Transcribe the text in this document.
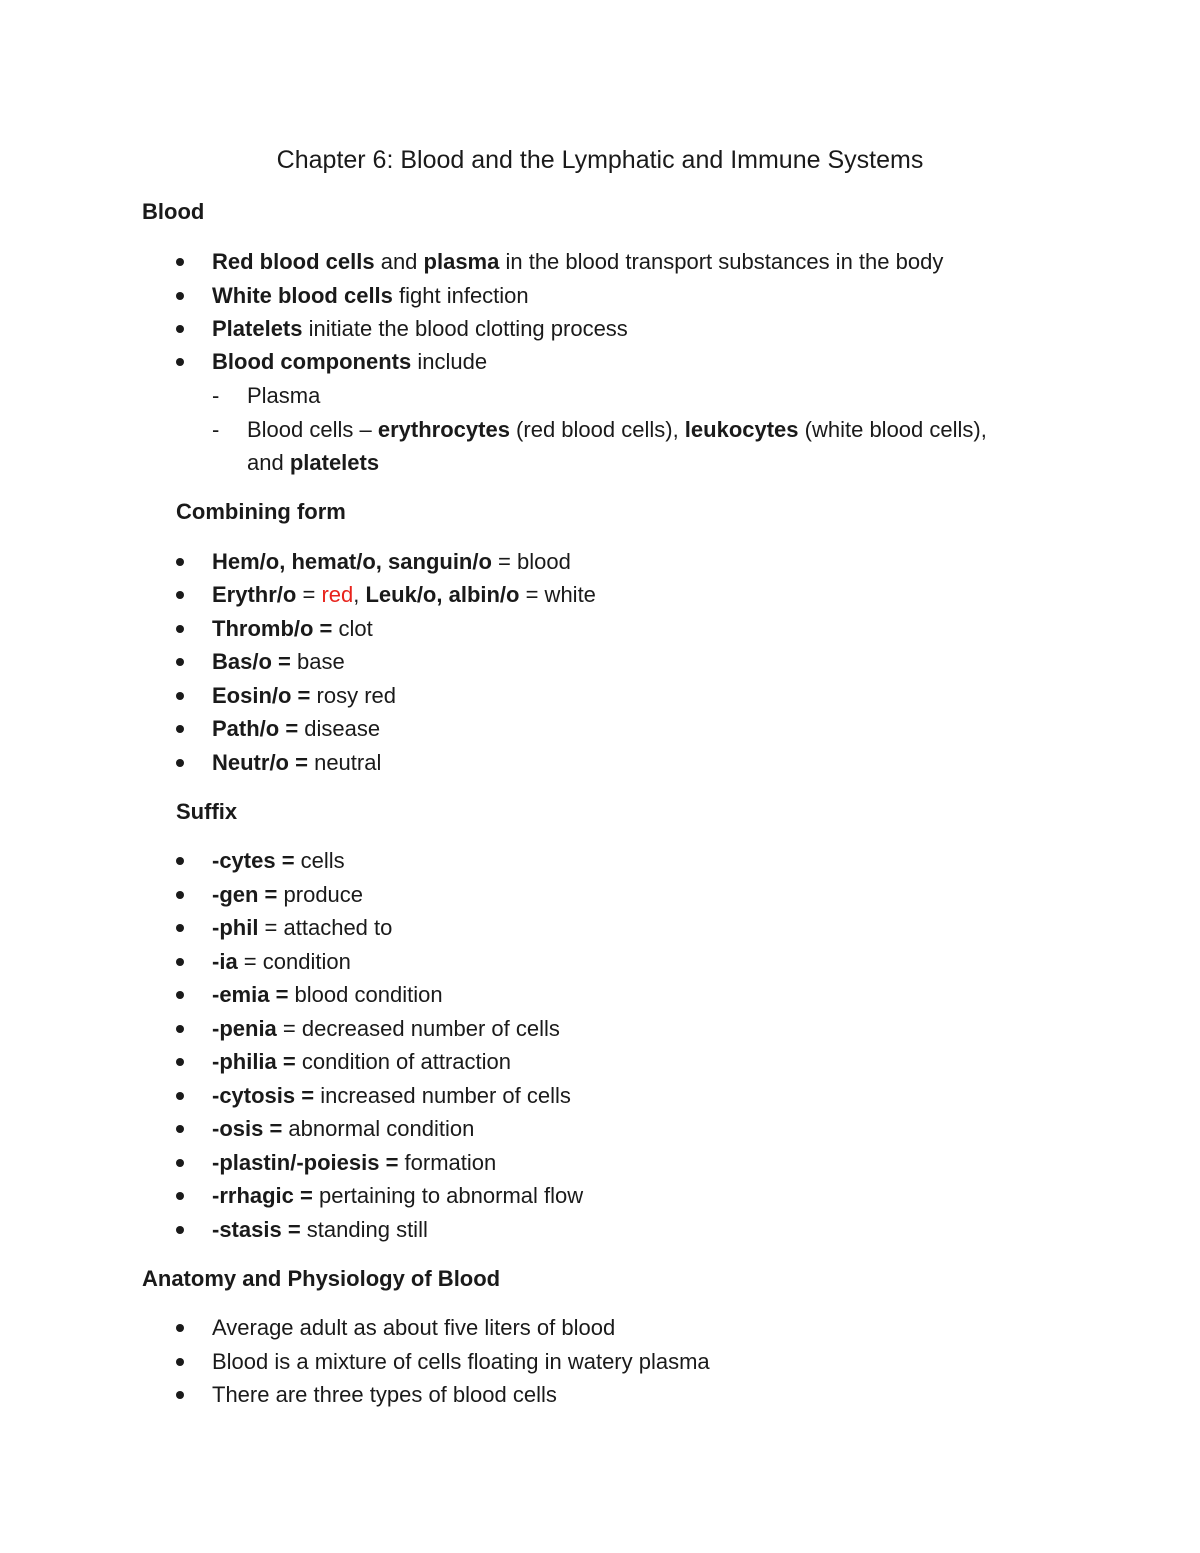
Chapter 6: Blood and the Lymphatic and Immune Systems
Blood
Red blood cells and plasma in the blood transport substances in the body
White blood cells fight infection
Platelets initiate the blood clotting process
Blood components include
- Plasma
- Blood cells – erythrocytes (red blood cells), leukocytes (white blood cells),
and platelets
Combining form
Hem/o, hemat/o, sanguin/o = blood
Erythr/o = red, Leuk/o, albin/o = white
Thromb/o = clot
Bas/o = base
Eosin/o = rosy red
Path/o = disease
Neutr/o = neutral
Suffix
-cytes = cells
-gen = produce
-phil = attached to
-ia = condition
-emia = blood condition
-penia = decreased number of cells
-philia = condition of attraction
-cytosis = increased number of cells
-osis = abnormal condition
-plastin/-poiesis = formation
-rrhagic = pertaining to abnormal flow
-stasis = standing still
Anatomy and Physiology of Blood
Average adult as about five liters of blood
Blood is a mixture of cells floating in watery plasma
There are three types of blood cells
